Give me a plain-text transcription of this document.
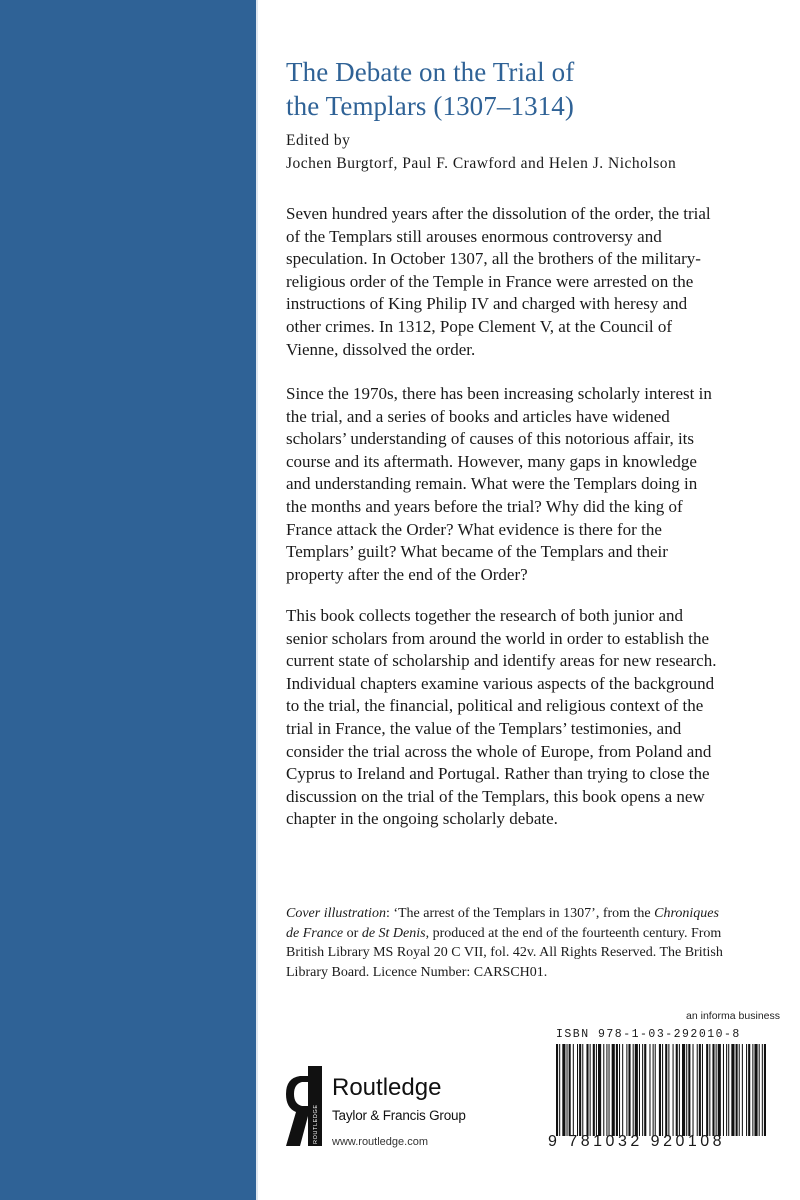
The Debate on the Trial of
the Templars (1307–1314)
Edited by
Jochen Burgtorf, Paul F. Crawford and Helen J. Nicholson
Seven hundred years after the dissolution of the order, the trial
of the Templars still arouses enormous controversy and
speculation. In October 1307, all the brothers of the military-
religious order of the Temple in France were arrested on the
instructions of King Philip IV and charged with heresy and
other crimes. In 1312, Pope Clement V, at the Council of
Vienne, dissolved the order.
Since the 1970s, there has been increasing scholarly interest in
the trial, and a series of books and articles have widened
scholars’ understanding of causes of this notorious affair, its
course and its aftermath. However, many gaps in knowledge
and understanding remain. What were the Templars doing in
the months and years before the trial? Why did the king of
France attack the Order? What evidence is there for the
Templars’ guilt? What became of the Templars and their
property after the end of the Order?
This book collects together the research of both junior and
senior scholars from around the world in order to establish the
current state of scholarship and identify areas for new research.
Individual chapters examine various aspects of the background
to the trial, the financial, political and religious context of the
trial in France, the value of the Templars’ testimonies, and
consider the trial across the whole of Europe, from Poland and
Cyprus to Ireland and Portugal. Rather than trying to close the
discussion on the trial of the Templars, this book opens a new
chapter in the ongoing scholarly debate.
Cover illustration: ‘The arrest of the Templars in 1307’, from the Chroniques
de France or de St Denis, produced at the end of the fourteenth century. From
British Library MS Royal 20 C VII, fol. 42v. All Rights Reserved. The British
Library Board. Licence Number: CARSCH01.
an informa business
ROUTLEDGE
Routledge
Taylor & Francis Group
www.routledge.com
ISBN 978-1-03-292010-8
9 781032 920108
